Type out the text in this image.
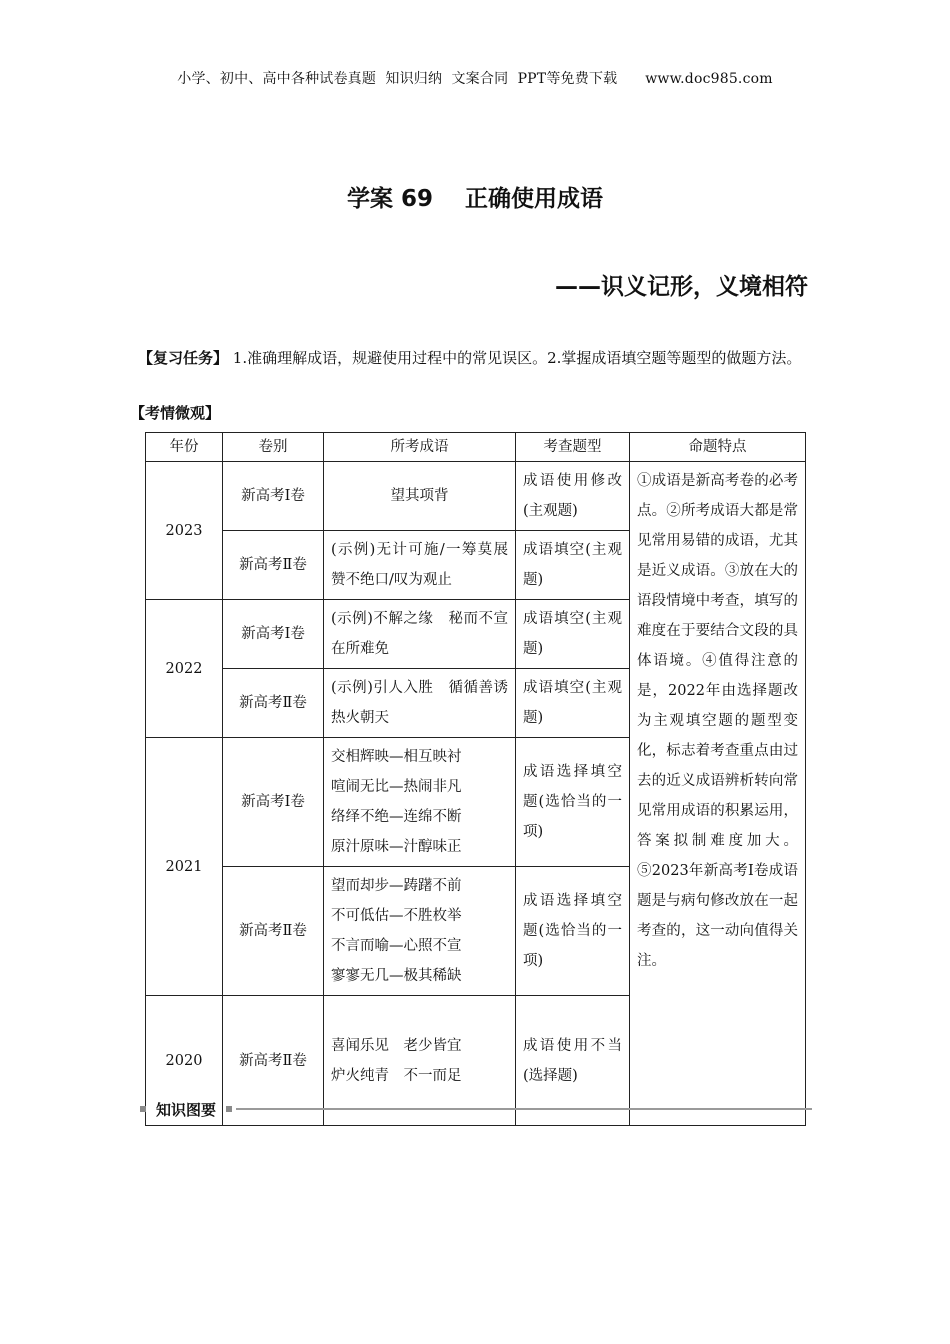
小学、初中、高中各种试卷真题  知识归纳  文案合同  PPT等免费下载      www.doc985.com
学案 69    正确使用成语
——识义记形，义境相符
【复习任务】 1.准确理解成语，规避使用过程中的常见误区。2.掌握成语填空题等题型的做题方法。
【考情微观】
年份	卷别	所考成语	考查题型	命题特点
2023	新高考Ⅰ卷	望其项背	成语使用修改(主观题)	①成语是新高考卷的必考点。②所考成语大都是常见常用易错的成语，尤其是近义成语。③放在大的语段情境中考查，填写的难度在于要结合文段的具体语境。④值得注意的是，2022年由选择题改为主观填空题的题型变化，标志着考查重点由过去的近义成语辨析转向常见常用成语的积累运用，答案拟制难度加大。⑤2023年新高考Ⅰ卷成语题是与病句修改放在一起考查的，这一动向值得关注。
	新高考Ⅱ卷	(示例)无计可施/一筹莫展　赞不绝口/叹为观止	成语填空(主观题)	
2022	新高考Ⅰ卷	(示例)不解之缘　秘而不宣　在所难免	成语填空(主观题)	
	新高考Ⅱ卷	(示例)引人入胜　循循善诱　热火朝天	成语填空(主观题)	
2021	新高考Ⅰ卷	交相辉映—相互映衬
喧闹无比—热闹非凡
络绎不绝—连绵不断
原汁原味—汁醇味正	成语选择填空题(选恰当的一项)	
	新高考Ⅱ卷	望而却步—踌躇不前
不可低估—不胜枚举
不言而喻—心照不宣
寥寥无几—极其稀缺	成语选择填空题(选恰当的一项)	
2020	新高考Ⅱ卷	喜闻乐见　老少皆宜
炉火纯青　不一而足	成语使用不当(选择题)	
知识图要
